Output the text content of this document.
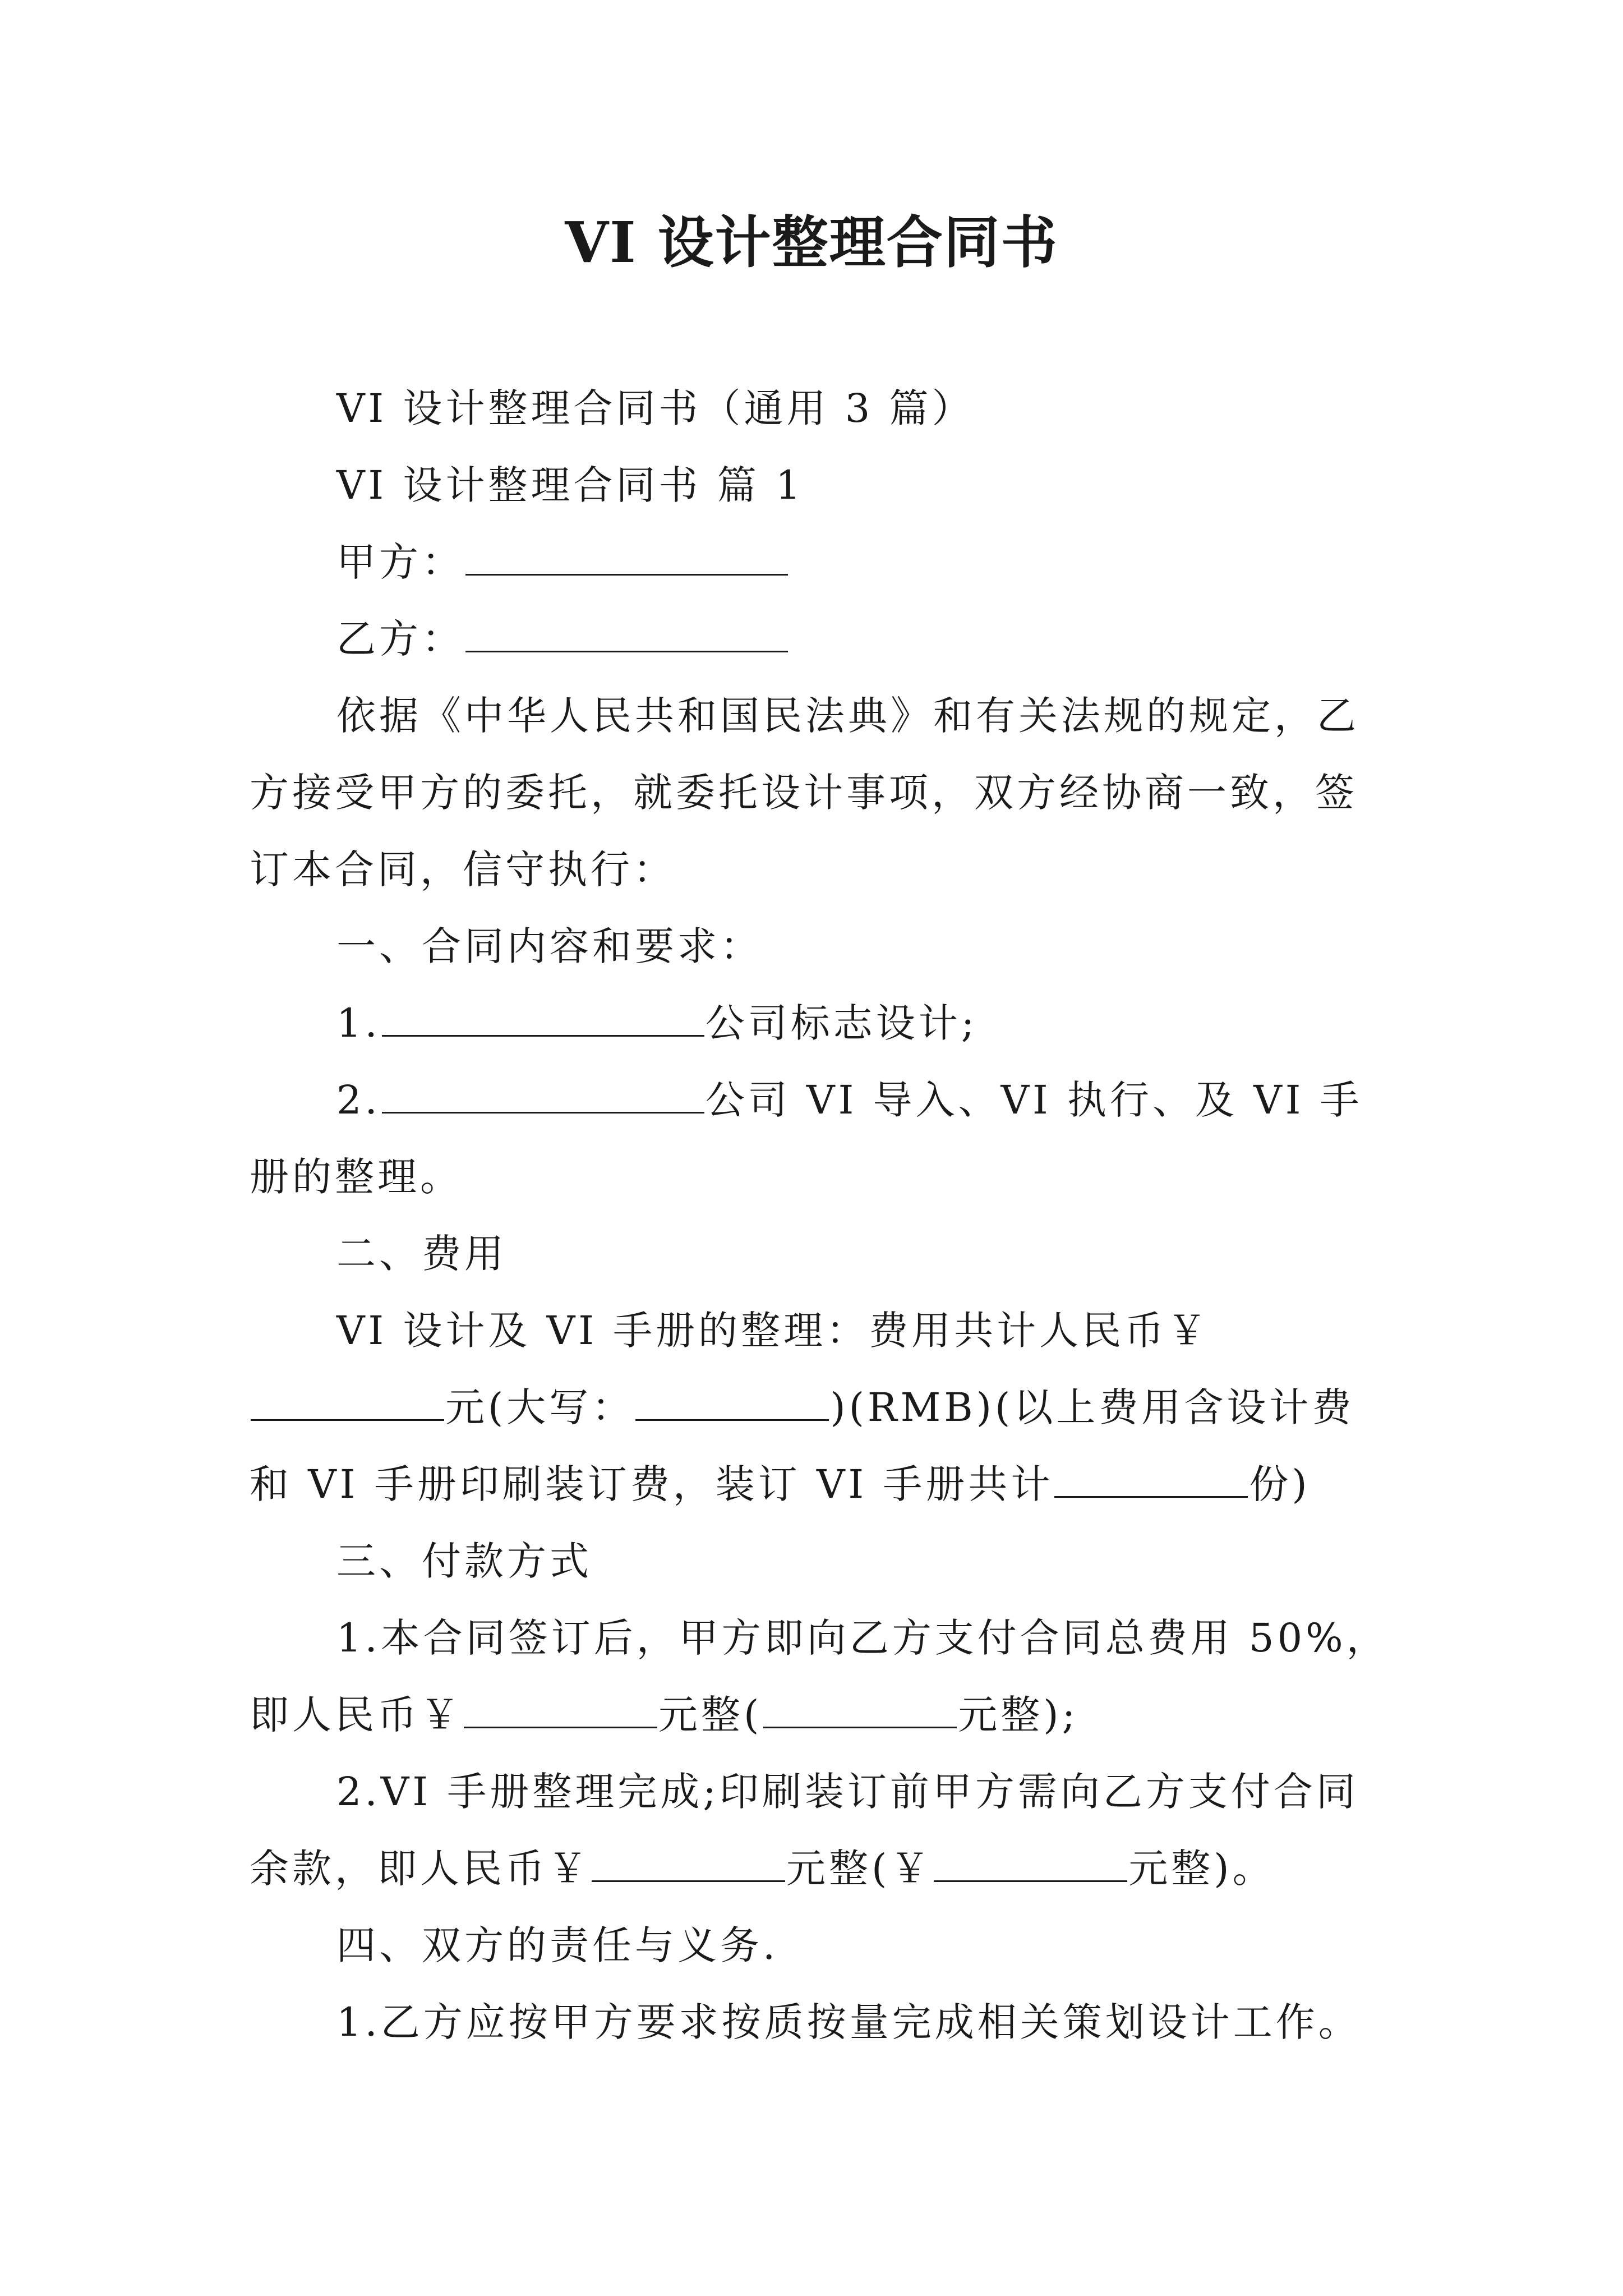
VI 设计整理合同书

VI 设计整理合同书（通用 3 篇）

VI 设计整理合同书 篇 1

甲方：

乙方：

依据《中华人民共和国民法典》和有关法规的规定，乙方接受甲方的委托，就委托设计事项，双方经协商一致，签订本合同，信守执行：

一、合同内容和要求：

1.	公司标志设计;

2.	公司 VI 导入、VI 执行、及 VI 手册的整理。

二、费用

VI 设计及 VI 手册的整理：费用共计人民币￥元(大写：	)(RMB)(以上费用含设计费和 VI 手册印刷装订费，装订 VI 手册共计	份)

三、付款方式

1.本合同签订后，甲方即向乙方支付合同总费用 50%，即人民币￥	元整(	元整);

2.VI 手册整理完成;印刷装订前甲方需向乙方支付合同余款，即人民币￥	元整(￥	元整)。

四、双方的责任与义务.

1.乙方应按甲方要求按质按量完成相关策划设计工作。
